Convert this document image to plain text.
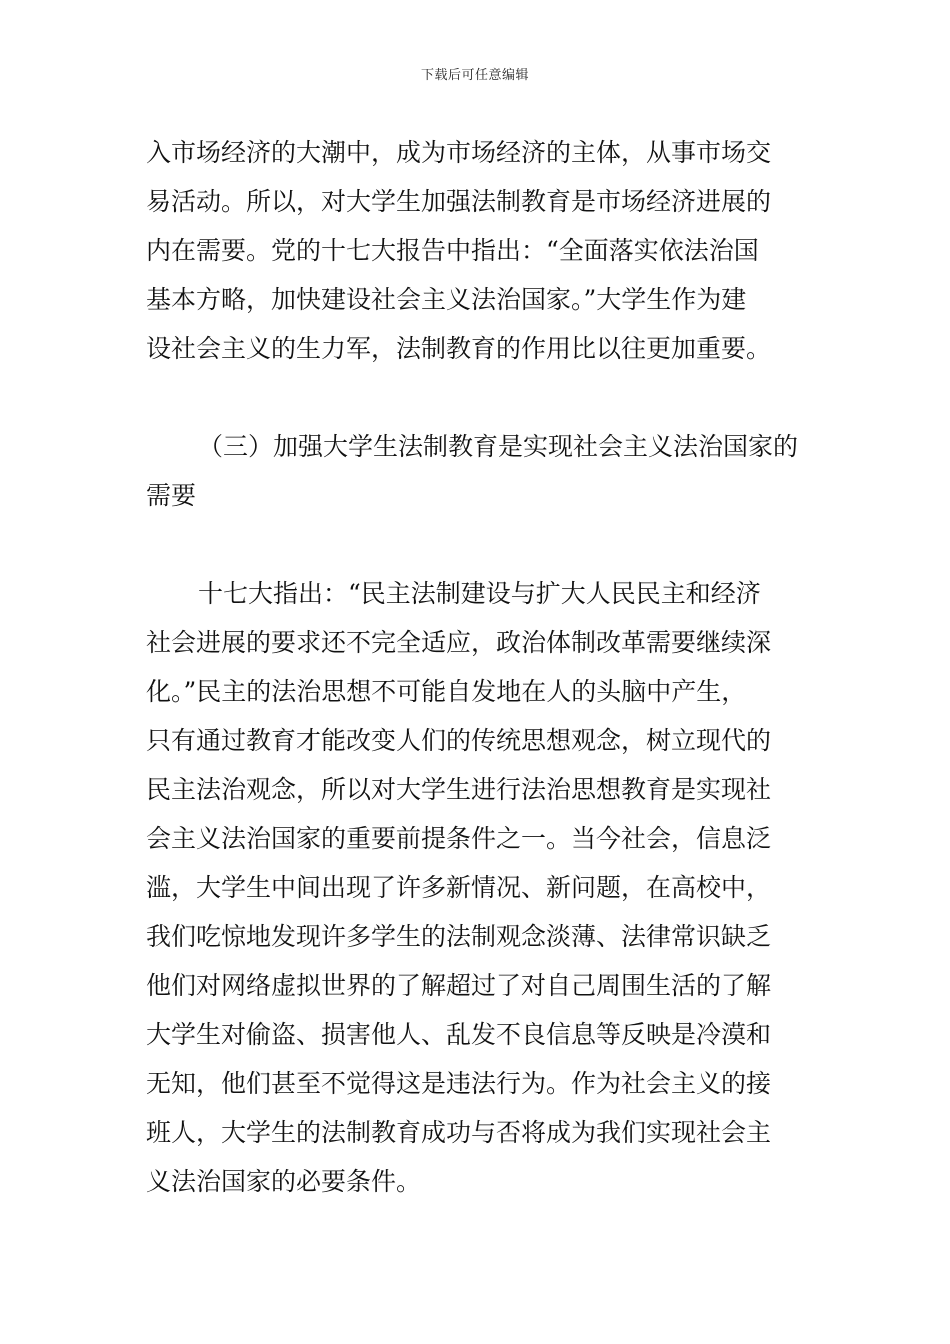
下载后可任意编辑
入市场经济的大潮中，成为市场经济的主体，从事市场交
易活动。所以，对大学生加强法制教育是市场经济进展的
内在需要。党的十七大报告中指出：“全面落实依法治国
基本方略，加快建设社会主义法治国家。”大学生作为建
设社会主义的生力军，法制教育的作用比以往更加重要。
（三）加强大学生法制教育是实现社会主义法治国家的
需要
十七大指出：“民主法制建设与扩大人民民主和经济
社会进展的要求还不完全适应，政治体制改革需要继续深
化。”民主的法治思想不可能自发地在人的头脑中产生，
只有通过教育才能改变人们的传统思想观念，树立现代的
民主法治观念，所以对大学生进行法治思想教育是实现社
会主义法治国家的重要前提条件之一。当今社会，信息泛
滥，大学生中间出现了许多新情况、新问题，在高校中，
我们吃惊地发现许多学生的法制观念淡薄、法律常识缺乏
他们对网络虚拟世界的了解超过了对自己周围生活的了解
大学生对偷盗、损害他人、乱发不良信息等反映是冷漠和
无知，他们甚至不觉得这是违法行为。作为社会主义的接
班人，大学生的法制教育成功与否将成为我们实现社会主
义法治国家的必要条件。
